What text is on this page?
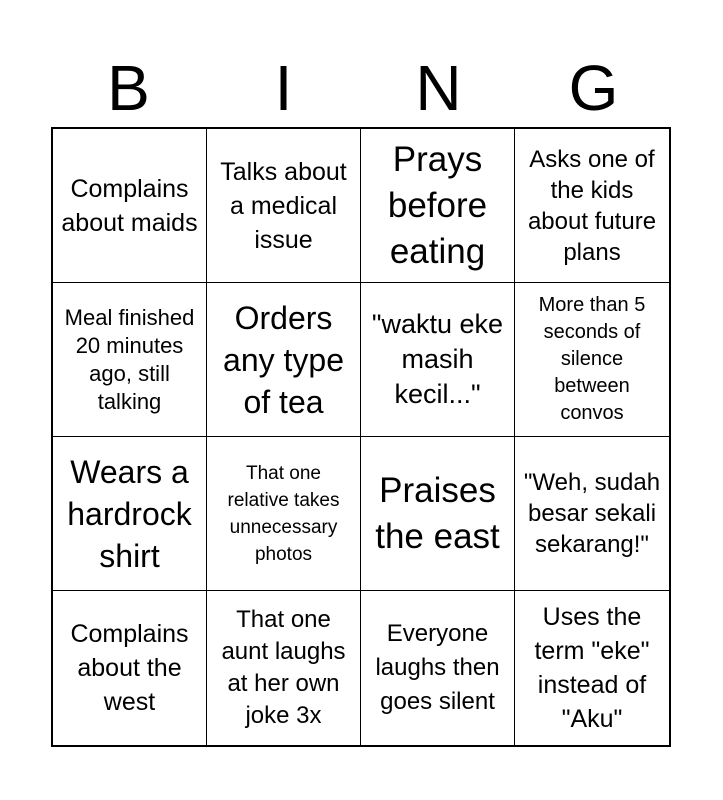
B	I	N	G
Complains about maids
Talks about a medical issue
Prays before eating
Asks one of the kids about future plans
Meal finished 20 minutes ago, still talking
Orders any type of tea
"waktu eke masih kecil..."
More than 5 seconds of silence between convos
Wears a hardrock shirt
That one relative takes unnecessary photos
Praises the east
"Weh, sudah besar sekali sekarang!"
Complains about the west
That one aunt laughs at her own joke 3x
Everyone laughs then goes silent
Uses the term "eke" instead of "Aku"
